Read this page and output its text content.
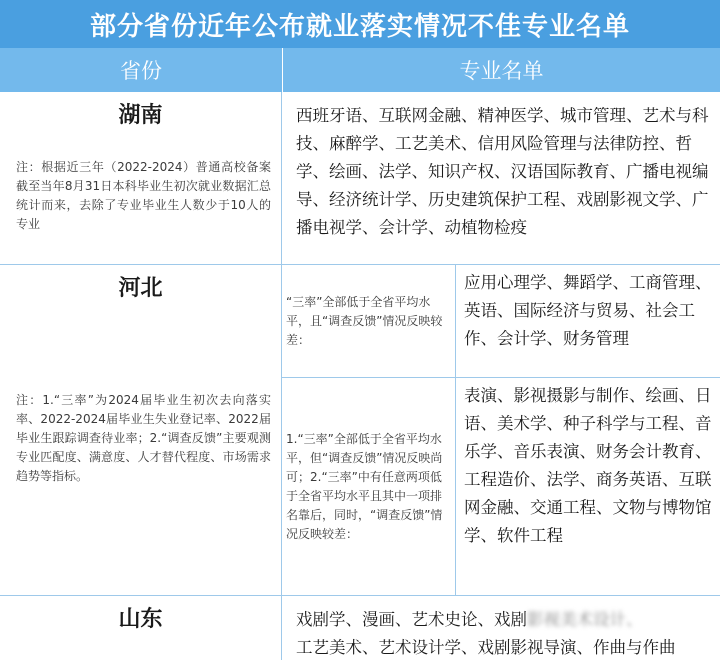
部分省份近年公布就业落实情况不佳专业名单
省份	专业名单
湖南
注：根据近三年（2022-2024）普通高校备案截至当年8月31日本科毕业生初次就业数据汇总统计而来，去除了专业毕业生人数少于10人的专业
西班牙语、互联网金融、精神医学、城市管理、艺术与科技、麻醉学、工艺美术、信用风险管理与法律防控、哲学、绘画、法学、知识产权、汉语国际教育、广播电视编导、经济统计学、历史建筑保护工程、戏剧影视文学、广播电视学、会计学、动植物检疫
河北
注：1.“三率”为2024届毕业生初次去向落实率、2022-2024届毕业生失业登记率、2022届毕业生跟踪调查待业率；2.“调查反馈”主要观测专业匹配度、满意度、人才替代程度、市场需求趋势等指标。
“三率”全部低于全省平均水平，且“调查反馈”情况反映较差：
应用心理学、舞蹈学、工商管理、英语、国际经济与贸易、社会工作、会计学、财务管理
1.“三率”全部低于全省平均水平，但“调查反馈”情况反映尚可；2.“三率”中有任意两项低于全省平均水平且其中一项排名靠后，同时，“调查反馈”情况反映较差：
表演、影视摄影与制作、绘画、日语、美术学、种子科学与工程、音乐学、音乐表演、财务会计教育、工程造价、法学、商务英语、互联网金融、交通工程、文物与博物馆学、软件工程
山东	戏剧学、漫画、艺术史论、戏剧影视美术设计、
工艺美术、艺术设计学、戏剧影视导演、作曲与作曲
